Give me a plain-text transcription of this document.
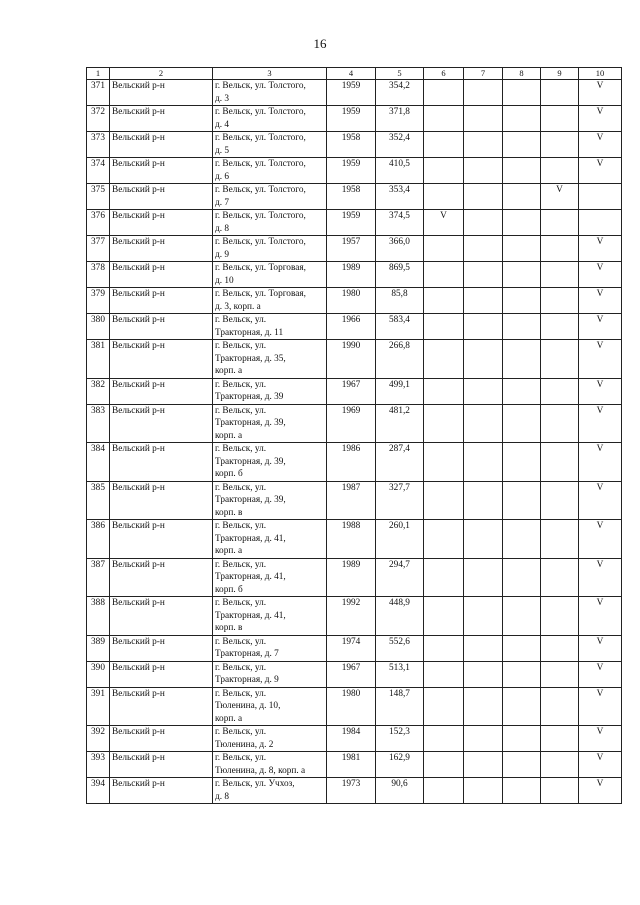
16
1	2	3	4	5	6	7	8	9	10
371	Вельский р-н	г. Вельск, ул. Толстого,
д. 3	1959	354,2					V
372	Вельский р-н	г. Вельск, ул. Толстого,
д. 4	1959	371,8					V
373	Вельский р-н	г. Вельск, ул. Толстого,
д. 5	1958	352,4					V
374	Вельский р-н	г. Вельск, ул. Толстого,
д. 6	1959	410,5					V
375	Вельский р-н	г. Вельск, ул. Толстого,
д. 7	1958	353,4				V	
376	Вельский р-н	г. Вельск, ул. Толстого,
д. 8	1959	374,5	V				
377	Вельский р-н	г. Вельск, ул. Толстого,
д. 9	1957	366,0					V
378	Вельский р-н	г. Вельск, ул. Торговая,
д. 10	1989	869,5					V
379	Вельский р-н	г. Вельск, ул. Торговая,
д. 3, корп. а	1980	85,8					V
380	Вельский р-н	г. Вельск, ул.
Тракторная, д. 11	1966	583,4					V
381	Вельский р-н	г. Вельск, ул.
Тракторная, д. 35,
корп. а	1990	266,8					V
382	Вельский р-н	г. Вельск, ул.
Тракторная, д. 39	1967	499,1					V
383	Вельский р-н	г. Вельск, ул.
Тракторная, д. 39,
корп. а	1969	481,2					V
384	Вельский р-н	г. Вельск, ул.
Тракторная, д. 39,
корп. б	1986	287,4					V
385	Вельский р-н	г. Вельск, ул.
Тракторная, д. 39,
корп. в	1987	327,7					V
386	Вельский р-н	г. Вельск, ул.
Тракторная, д. 41,
корп. а	1988	260,1					V
387	Вельский р-н	г. Вельск, ул.
Тракторная, д. 41,
корп. б	1989	294,7					V
388	Вельский р-н	г. Вельск, ул.
Тракторная, д. 41,
корп. в	1992	448,9					V
389	Вельский р-н	г. Вельск, ул.
Тракторная, д. 7	1974	552,6					V
390	Вельский р-н	г. Вельск, ул.
Тракторная, д. 9	1967	513,1					V
391	Вельский р-н	г. Вельск, ул.
Тюленина, д. 10,
корп. а	1980	148,7					V
392	Вельский р-н	г. Вельск, ул.
Тюленина, д. 2	1984	152,3					V
393	Вельский р-н	г. Вельск, ул.
Тюленина, д. 8, корп. а	1981	162,9					V
394	Вельский р-н	г. Вельск, ул. Учхоз,
д. 8	1973	90,6					V
